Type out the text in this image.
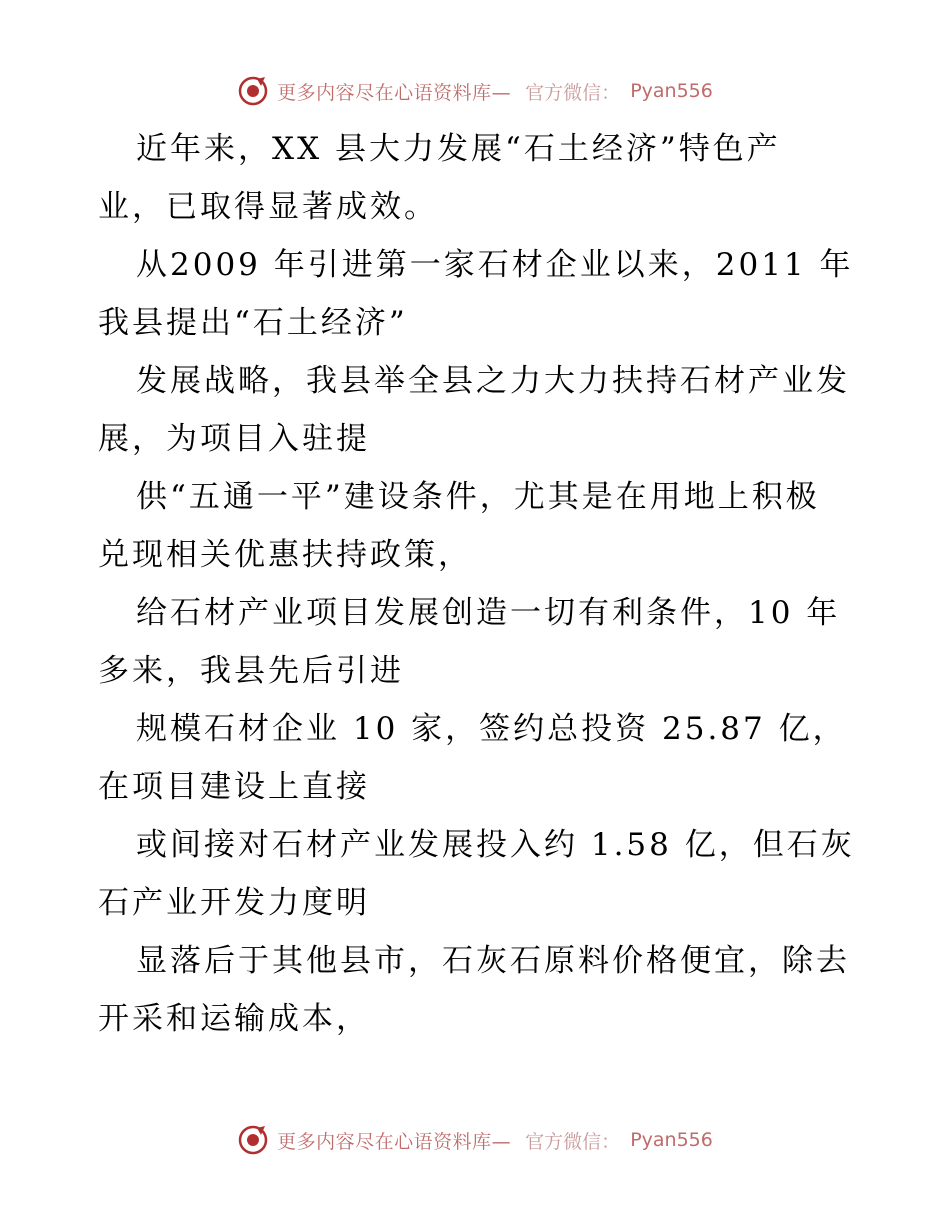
更多内容尽在心语资料库— 官方微信： Pyan556
近年来，XX 县大力发展“石土经济”特色产
业，已取得显著成效。
从2009 年引进第一家石材企业以来，2011 年
我县提出“石土经济”
发展战略，我县举全县之力大力扶持石材产业发
展，为项目入驻提
供“五通一平”建设条件，尤其是在用地上积极
兑现相关优惠扶持政策，
给石材产业项目发展创造一切有利条件，10 年
多来，我县先后引进
规模石材企业 10 家，签约总投资 25.87 亿，
在项目建设上直接
或间接对石材产业发展投入约 1.58 亿，但石灰
石产业开发力度明
显落后于其他县市，石灰石原料价格便宜，除去
开采和运输成本，
更多内容尽在心语资料库— 官方微信： Pyan556
